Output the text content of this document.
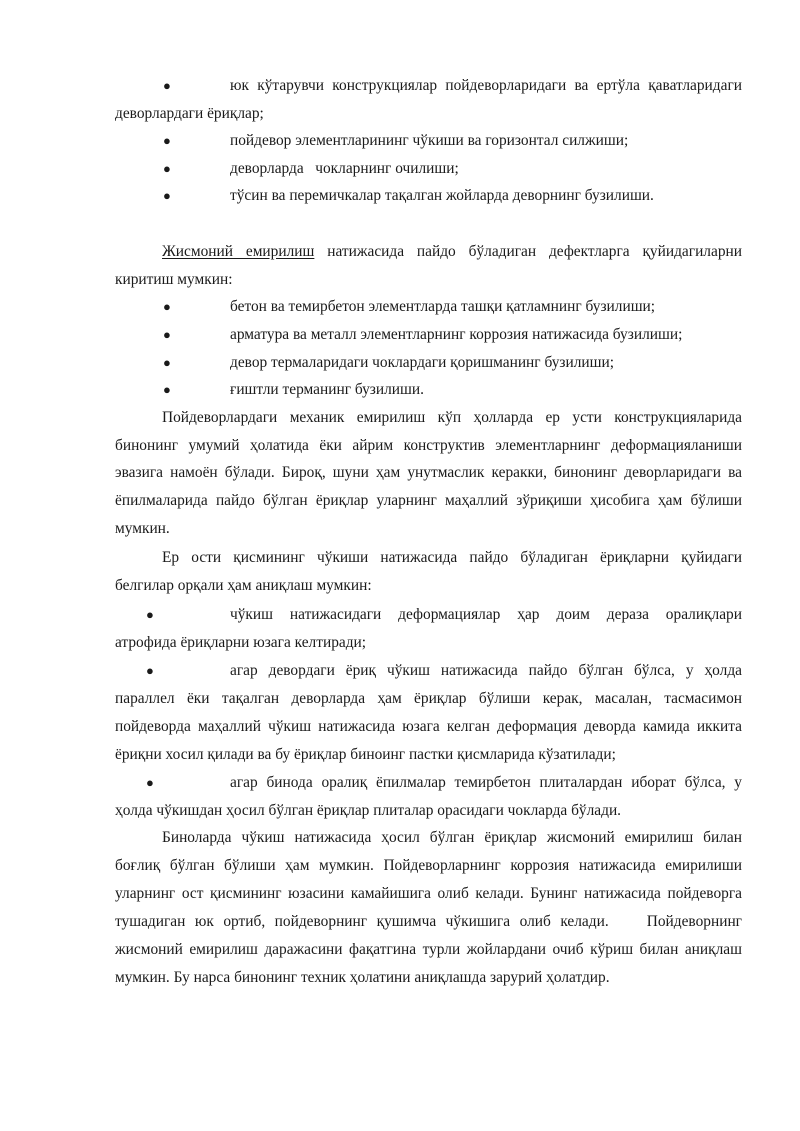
●	юк кўтарувчи конструкциялар пойдеворларидаги ва ертўла қаватларидаги
деворлардаги ёриқлар;
●	пойдевор элементларининг чўкиши ва горизонтал силжиши;
●	деворларда   чокларнинг очилиши;
●	тўсин ва перемичкалар тақалган жойларда деворнинг бузилиши.
Жисмоний емирилиш натижасида пайдо бўладиган дефектларга қуйидагиларни
киритиш мумкин:
●	бетон ва темирбетон элементларда ташқи қатламнинг бузилиши;
●	арматура ва металл элементларнинг коррозия натижасида бузилиши;
●	девор термаларидаги чоклардаги қоришманинг бузилиши;
●	ғиштли терманинг бузилиши.
Пойдеворлардаги механик емирилиш кўп ҳолларда ер усти конструкцияларида
бинонинг умумий ҳолатида ёки айрим конструктив элементларнинг деформацияланиши
эвазига намоён бўлади. Бироқ, шуни ҳам унутмаслик керакки, бинонинг деворларидаги ва
ёпилмаларида пайдо бўлган ёриқлар уларнинг маҳаллий зўриқиши ҳисобига ҳам бўлиши
мумкин.
Ер ости қисмининг чўкиши натижасида пайдо бўладиган ёриқларни қуйидаги
белгилар орқали ҳам аниқлаш мумкин:
●	чўкиш натижасидаги деформациялар ҳар доим дераза оралиқлари
атрофида ёриқларни юзага келтиради;
●	агар девордаги ёриқ чўкиш натижасида пайдо бўлган бўлса, у ҳолда
параллел ёки тақалган деворларда ҳам ёриқлар бўлиши керак, масалан, тасмасимон
пойдеворда маҳаллий чўкиш натижасида юзага келган деформация деворда камида иккита
ёриқни хосил қилади ва бу ёриқлар биноинг пастки қисмларида кўзатилади;
●	агар бинода оралиқ ёпилмалар темирбетон плиталардан иборат бўлса, у
ҳолда чўкишдан ҳосил бўлган ёриқлар плиталар орасидаги чокларда бўлади.
Биноларда чўкиш натижасида ҳосил бўлган ёриқлар жисмоний емирилиш билан
боғлиқ бўлган бўлиши ҳам мумкин. Пойдеворларнинг коррозия натижасида емирилиши
уларнинг ост қисмининг юзасини камайишига олиб келади. Бунинг натижасида пойдеворга
тушадиган юк ортиб, пойдеворнинг қушимча чўкишига олиб келади.    Пойдеворнинг
жисмоний емирилиш даражасини фақатгина турли жойлардани очиб кўриш билан аниқлаш
мумкин. Бу нарса бинонинг техник ҳолатини аниқлашда зарурий ҳолатдир.
